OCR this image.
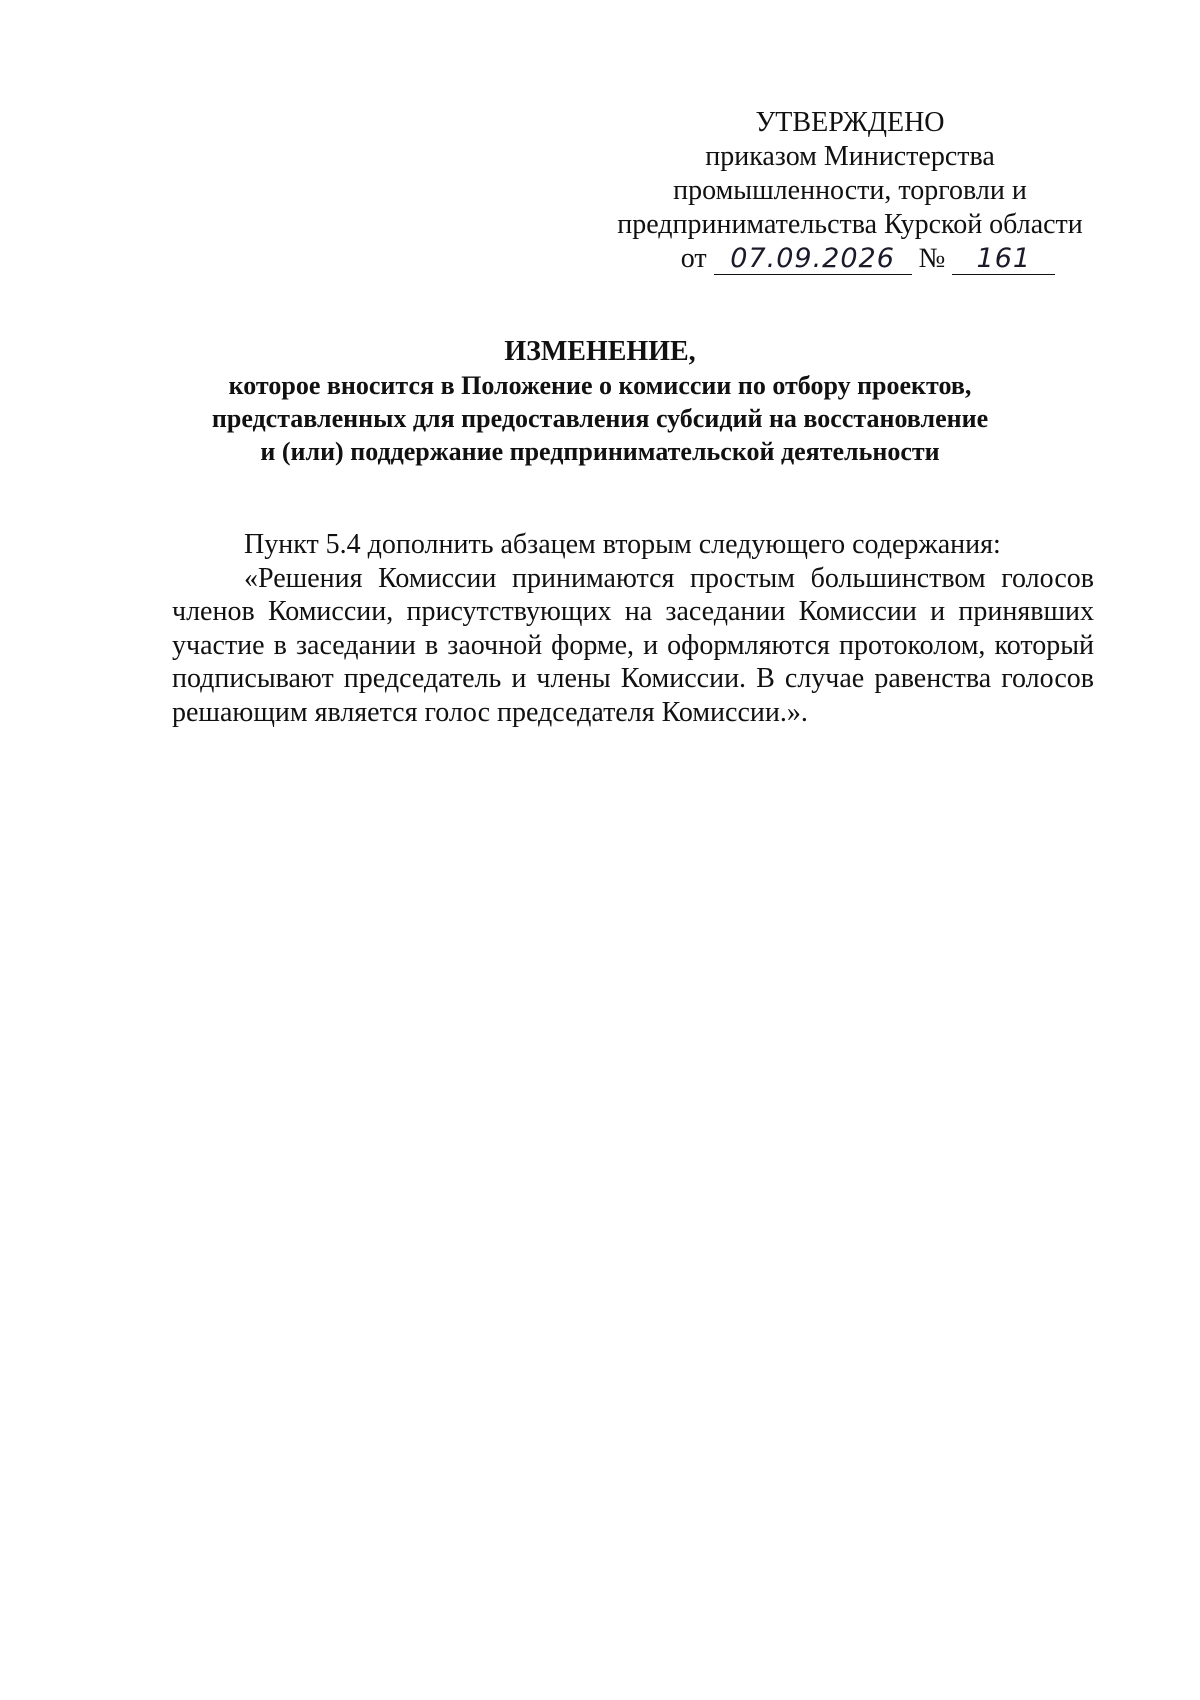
УТВЕРЖДЕНО
приказом Министерства
промышленности, торговли и
предпринимательства Курской области
от 07.09.2026 № 161
ИЗМЕНЕНИЕ,
которое вносится в Положение о комиссии по отбору проектов,
представленных для предоставления субсидий на восстановление
и (или) поддержание предпринимательской деятельности

Пункт 5.4 дополнить абзацем вторым следующего содержания:

«Решения Комиссии принимаются простым большинством голосов членов Комиссии, присутствующих на заседании Комиссии и принявших участие в заседании в заочной форме, и оформляются протоколом, который подписывают председатель и члены Комиссии. В случае равенства голосов решающим является голос председателя Комиссии.».
